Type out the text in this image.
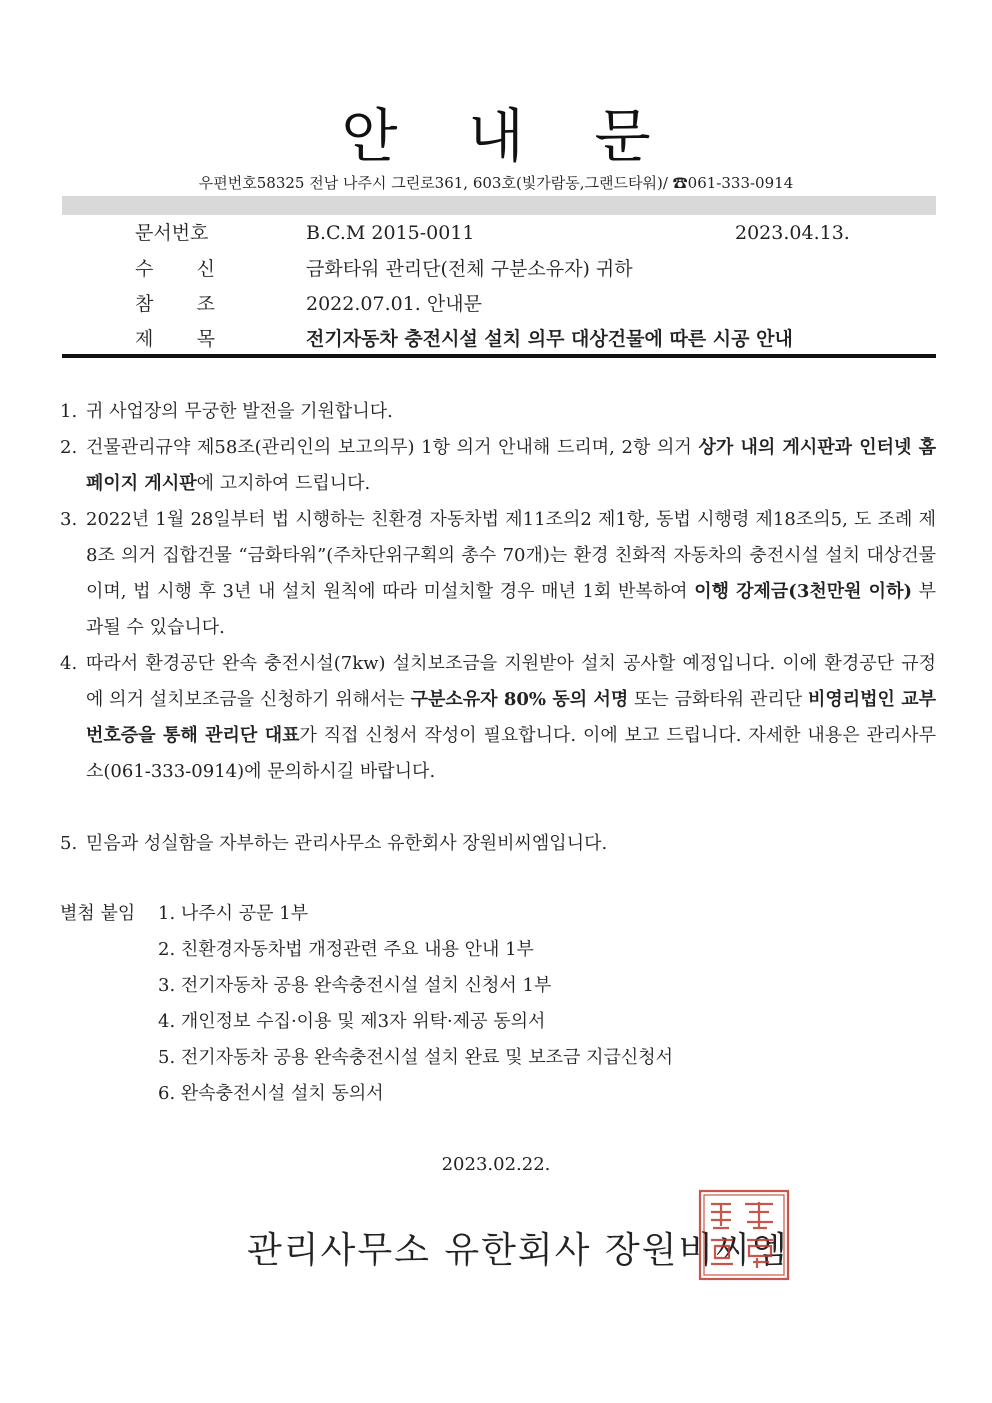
안 내 문
우편번호58325 전남 나주시 그린로361, 603호(빛가람동,그랜드타워)/ ☎061-333-0914
문서번호	B.C.M 2015-0011	2023.04.13.
수 신	금화타워 관리단(전체 구분소유자) 귀하
참 조	2022.07.01. 안내문
제 목	전기자동차 충전시설 설치 의무 대상건물에 따른 시공 안내
1. 귀 사업장의 무궁한 발전을 기원합니다.
2. 건물관리규약 제58조(관리인의 보고의무) 1항 의거 안내해 드리며, 2항 의거 상가 내의 게시판과 인터넷 홈페이지 게시판에 고지하여 드립니다.
3. 2022년 1월 28일부터 법 시행하는 친환경 자동차법 제11조의2 제1항, 동법 시행령 제18조의5, 도 조례 제8조 의거 집합건물 “금화타워”(주차단위구획의 총수 70개)는 환경 친화적 자동차의 충전시설 설치 대상건물이며, 법 시행 후 3년 내 설치 원칙에 따라 미설치할 경우 매년 1회 반복하여 이행 강제금(3천만원 이하) 부과될 수 있습니다.
4. 따라서 환경공단 완속 충전시설(7kw) 설치보조금을 지원받아 설치 공사할 예정입니다. 이에 환경공단 규정에 의거 설치보조금을 신청하기 위해서는 구분소유자 80% 동의 서명 또는 금화타워 관리단 비영리법인 교부번호증을 통해 관리단 대표가 직접 신청서 작성이 필요합니다. 이에 보고 드립니다. 자세한 내용은 관리사무소(061-333-0914)에 문의하시길 바랍니다.
5. 믿음과 성실함을 자부하는 관리사무소 유한회사 장원비씨엠입니다.
별첨 붙임 1. 나주시 공문 1부
2. 친환경자동차법 개정관련 주요 내용 안내 1부
3. 전기자동차 공용 완속충전시설 설치 신청서 1부
4. 개인정보 수집·이용 및 제3자 위탁·제공 동의서
5. 전기자동차 공용 완속충전시설 설치 완료 및 보조금 지급신청서
6. 완속충전시설 설치 동의서
2023.02.22.
관리사무소 유한회사 장원비씨엠
